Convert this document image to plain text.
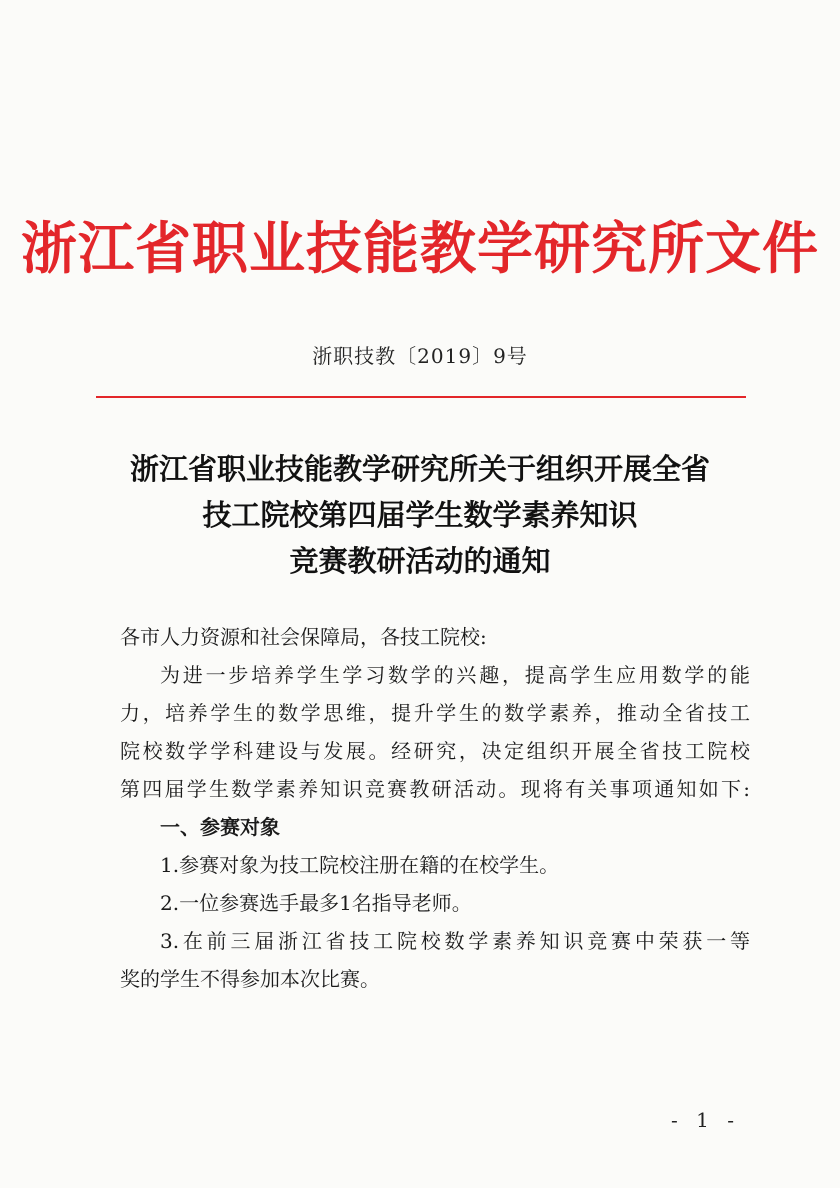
浙江省职业技能教学研究所文件
浙职技教〔2019〕9号
浙江省职业技能教学研究所关于组织开展全省
技工院校第四届学生数学素养知识
竞赛教研活动的通知
各市人力资源和社会保障局，各技工院校:
为进一步培养学生学习数学的兴趣，提高学生应用数学的能
力，培养学生的数学思维，提升学生的数学素养，推动全省技工
院校数学学科建设与发展。经研究，决定组织开展全省技工院校
第四届学生数学素养知识竞赛教研活动。现将有关事项通知如下:
一、参赛对象
1.参赛对象为技工院校注册在籍的在校学生。
2.一位参赛选手最多1名指导老师。
3.在前三届浙江省技工院校数学素养知识竞赛中荣获一等
奖的学生不得参加本次比赛。
- 1 -
